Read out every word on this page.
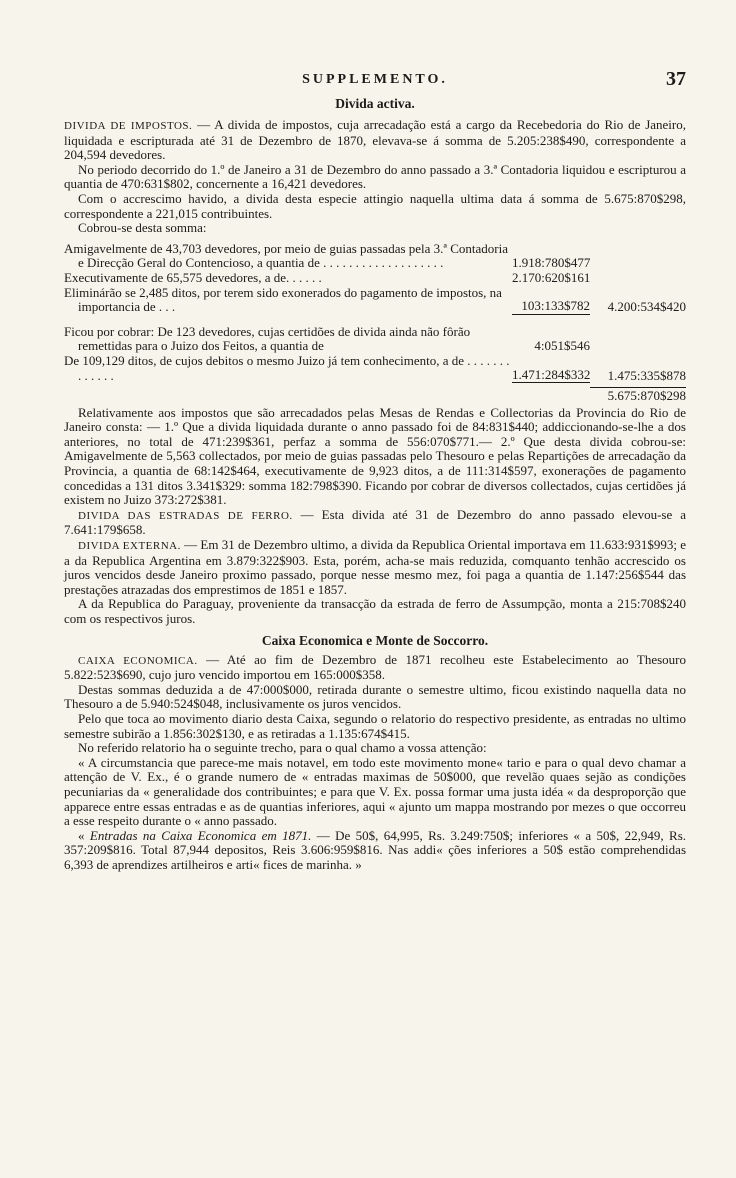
SUPPLEMENTO.	37
Divida activa.

DIVIDA DE IMPOSTOS. — A divida de impostos, cuja arrecadação está a cargo da Recebedoria do Rio de Janeiro, liquidada e escripturada até 31 de Dezembro de 1870, elevava-se á somma de 5.205:238$490, correspondente a 204,594 devedores.

No periodo decorrido do 1.º de Janeiro a 31 de Dezembro do anno passado a 3.ª Contadoria liquidou e escripturou a quantia de 470:631$802, concernente a 16,421 devedores.

Com o accrescimo havido, a divida desta especie attingio naquella ultima data á somma de 5.675:870$298, correspondente a 221,015 contribuintes.

Cobrou-se desta somma:

Amigavelmente de 43,703 devedores, por meio de guias passadas pela 3.ª Contadoria e Direcção Geral do Contencioso, a quantia de . . . . . . . . . . . . . . . . . . .	1.918:780$477
Executivamente de 65,575 devedores, a de. . . . . .	2.170:620$161
Eliminárão se 2,485 ditos, por terem sido exonerados do pagamento de impostos, na importancia de . . .	103:133$782	4.200:534$420
Ficou por cobrar: De 123 devedores, cujas certidões de divida ainda não fôrão remettidas para o Juizo dos Feitos, a quantia de	4:051$546
De 109,129 ditos, de cujos debitos o mesmo Juizo já tem conhecimento, a de . . . . . . . . . . . . .	1.471:284$332	1.475:335$878
5.675:870$298

Relativamente aos impostos que são arrecadados pelas Mesas de Rendas e Collectorias da Provincia do Rio de Janeiro consta: — 1.º Que a divida liquidada durante o anno passado foi de 84:831$440; addiccionando-se-lhe a dos anteriores, no total de 471:239$361, perfaz a somma de 556:070$771.— 2.º Que desta divida cobrou-se: Amigavelmente de 5,563 collectados, por meio de guias passadas pelo Thesouro e pelas Repartições de arrecadação da Provincia, a quantia de 68:142$464, executivamente de 9,923 ditos, a de 111:314$597, exonerações de pagamento concedidas a 131 ditos 3.341$329: somma 182:798$390. Ficando por cobrar de diversos collectados, cujas certidões já existem no Juizo 373:272$381.

DIVIDA DAS ESTRADAS DE FERRO. — Esta divida até 31 de Dezembro do anno passado elevou-se a 7.641:179$658.

DIVIDA EXTERNA. — Em 31 de Dezembro ultimo, a divida da Republica Oriental importava em 11.633:931$993; e a da Republica Argentina em 3.879:322$903. Esta, porém, acha-se mais reduzida, comquanto tenhão accrescido os juros vencidos desde Janeiro proximo passado, porque nesse mesmo mez, foi paga a quantia de 1.147:256$544 das prestações atrazadas dos emprestimos de 1851 e 1857.

A da Republica do Paraguay, proveniente da transacção da estrada de ferro de Assumpção, monta a 215:708$240 com os respectivos juros.

Caixa Economica e Monte de Soccorro.

CAIXA ECONOMICA. — Até ao fim de Dezembro de 1871 recolheu este Estabelecimento ao Thesouro 5.822:523$690, cujo juro vencido importou em 165:000$358.

Destas sommas deduzida a de 47:000$000, retirada durante o semestre ultimo, ficou existindo naquella data no Thesouro a de 5.940:524$048, inclusivamente os juros vencidos.

Pelo que toca ao movimento diario desta Caixa, segundo o relatorio do respectivo presidente, as entradas no ultimo semestre subirão a 1.856:302$130, e as retiradas a 1.135:674$415.

No referido relatorio ha o seguinte trecho, para o qual chamo a vossa attenção:

« A circumstancia que parece-me mais notavel, em todo este movimento mone« tario e para o qual devo chamar a attenção de V. Ex., é o grande numero de « entradas maximas de 50$000, que revelão quaes sejão as condições pecuniarias da « generalidade dos contribuintes; e para que V. Ex. possa formar uma justa idéa « da desproporção que apparece entre essas entradas e as de quantias inferiores, aqui « ajunto um mappa mostrando por mezes o que occorreu a esse respeito durante o « anno passado.

« Entradas na Caixa Economica em 1871. — De 50$, 64,995, Rs. 3.249:750$; inferiores « a 50$, 22,949, Rs. 357:209$816. Total 87,944 depositos, Reis 3.606:959$816. Nas addi« ções inferiores a 50$ estão comprehendidas 6,393 de aprendizes artilheiros e arti« fices de marinha. »
